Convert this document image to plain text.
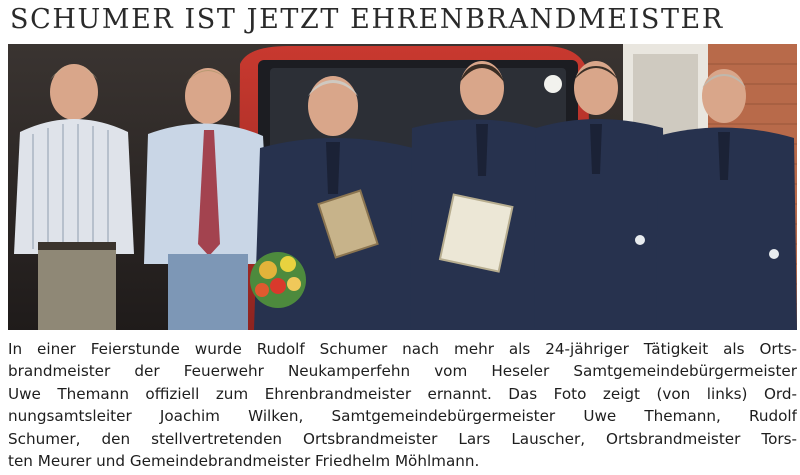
SCHUMER IST JETZT EHRENBRANDMEISTER
In einer Feierstunde wurde Rudolf Schumer nach mehr als 24-jähriger Tätigkeit als Orts-
brandmeister der Feuerwehr Neukamperfehn vom Heseler Samtgemeindebürgermeister
Uwe Themann offiziell zum Ehrenbrandmeister ernannt. Das Foto zeigt (von links) Ord-
nungsamtsleiter Joachim Wilken, Samtgemeindebürgermeister Uwe Themann, Rudolf
Schumer, den stellvertretenden Ortsbrandmeister Lars Lauscher, Ortsbrandmeister Tors-
ten Meurer und Gemeindebrandmeister Friedhelm Möhlmann.
